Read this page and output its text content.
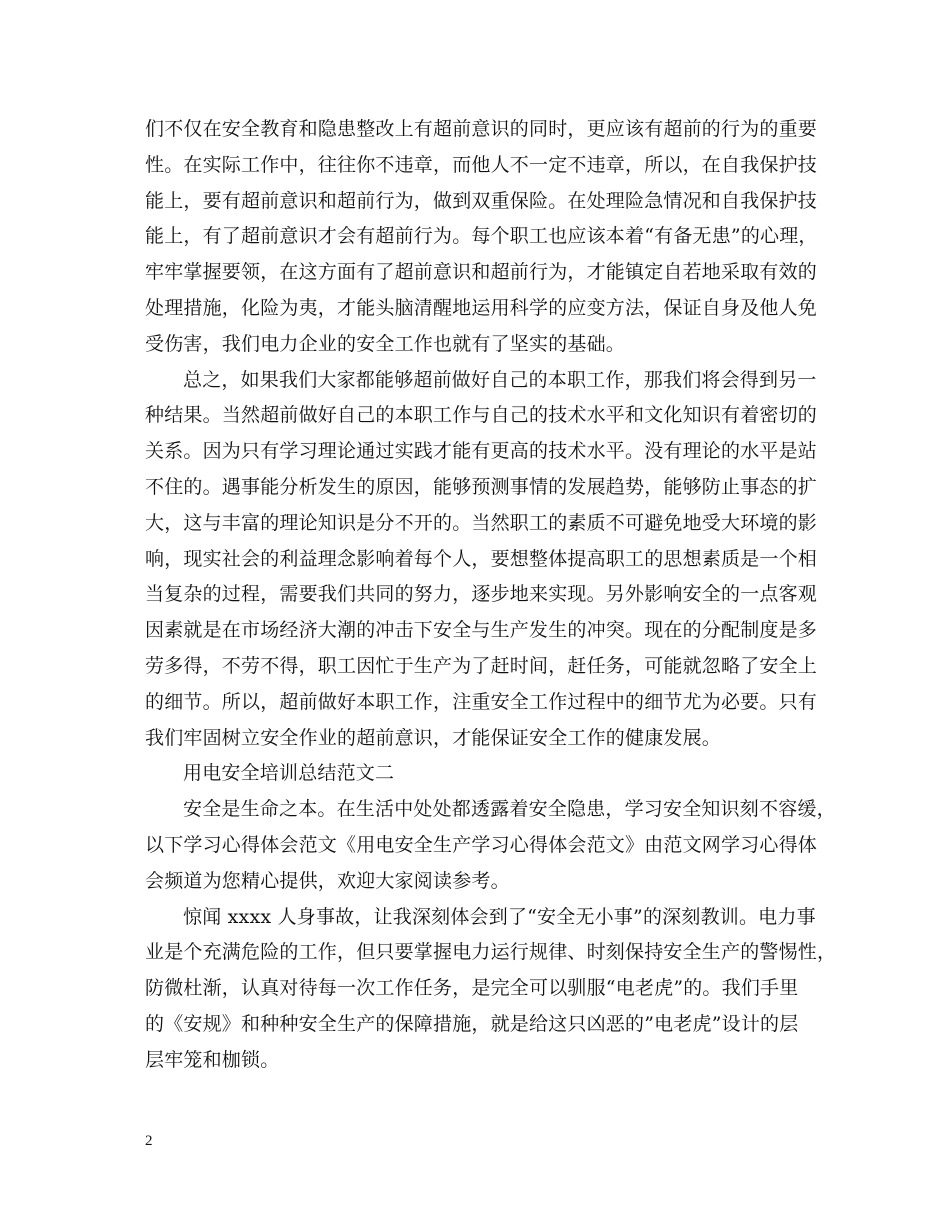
们不仅在安全教育和隐患整改上有超前意识的同时，更应该有超前的行为的重要
性。在实际工作中，往往你不违章，而他人不一定不违章，所以，在自我保护技
能上，要有超前意识和超前行为，做到双重保险。在处理险急情况和自我保护技
能上，有了超前意识才会有超前行为。每个职工也应该本着“有备无患”的心理，
牢牢掌握要领，在这方面有了超前意识和超前行为，才能镇定自若地采取有效的
处理措施，化险为夷，才能头脑清醒地运用科学的应变方法，保证自身及他人免
受伤害，我们电力企业的安全工作也就有了坚实的基础。
总之，如果我们大家都能够超前做好自己的本职工作，那我们将会得到另一
种结果。当然超前做好自己的本职工作与自己的技术水平和文化知识有着密切的
关系。因为只有学习理论通过实践才能有更高的技术水平。没有理论的水平是站
不住的。遇事能分析发生的原因，能够预测事情的发展趋势，能够防止事态的扩
大，这与丰富的理论知识是分不开的。当然职工的素质不可避免地受大环境的影
响，现实社会的利益理念影响着每个人，要想整体提高职工的思想素质是一个相
当复杂的过程，需要我们共同的努力，逐步地来实现。另外影响安全的一点客观
因素就是在市场经济大潮的冲击下安全与生产发生的冲突。现在的分配制度是多
劳多得，不劳不得，职工因忙于生产为了赶时间，赶任务，可能就忽略了安全上
的细节。所以，超前做好本职工作，注重安全工作过程中的细节尤为必要。只有
我们牢固树立安全作业的超前意识，才能保证安全工作的健康发展。
用电安全培训总结范文二
安全是生命之本。在生活中处处都透露着安全隐患，学习安全知识刻不容缓，
以下学习心得体会范文《用电安全生产学习心得体会范文》由范文网学习心得体
会频道为您精心提供，欢迎大家阅读参考。
惊闻 xxxx 人身事故，让我深刻体会到了“安全无小事”的深刻教训。电力事
业是个充满危险的工作，但只要掌握电力运行规律、时刻保持安全生产的警惕性，
防微杜渐，认真对待每一次工作任务，是完全可以驯服“电老虎”的。我们手里
的《安规》和种种安全生产的保障措施，就是给这只凶恶的”电老虎”设计的层
层牢笼和枷锁。
2
